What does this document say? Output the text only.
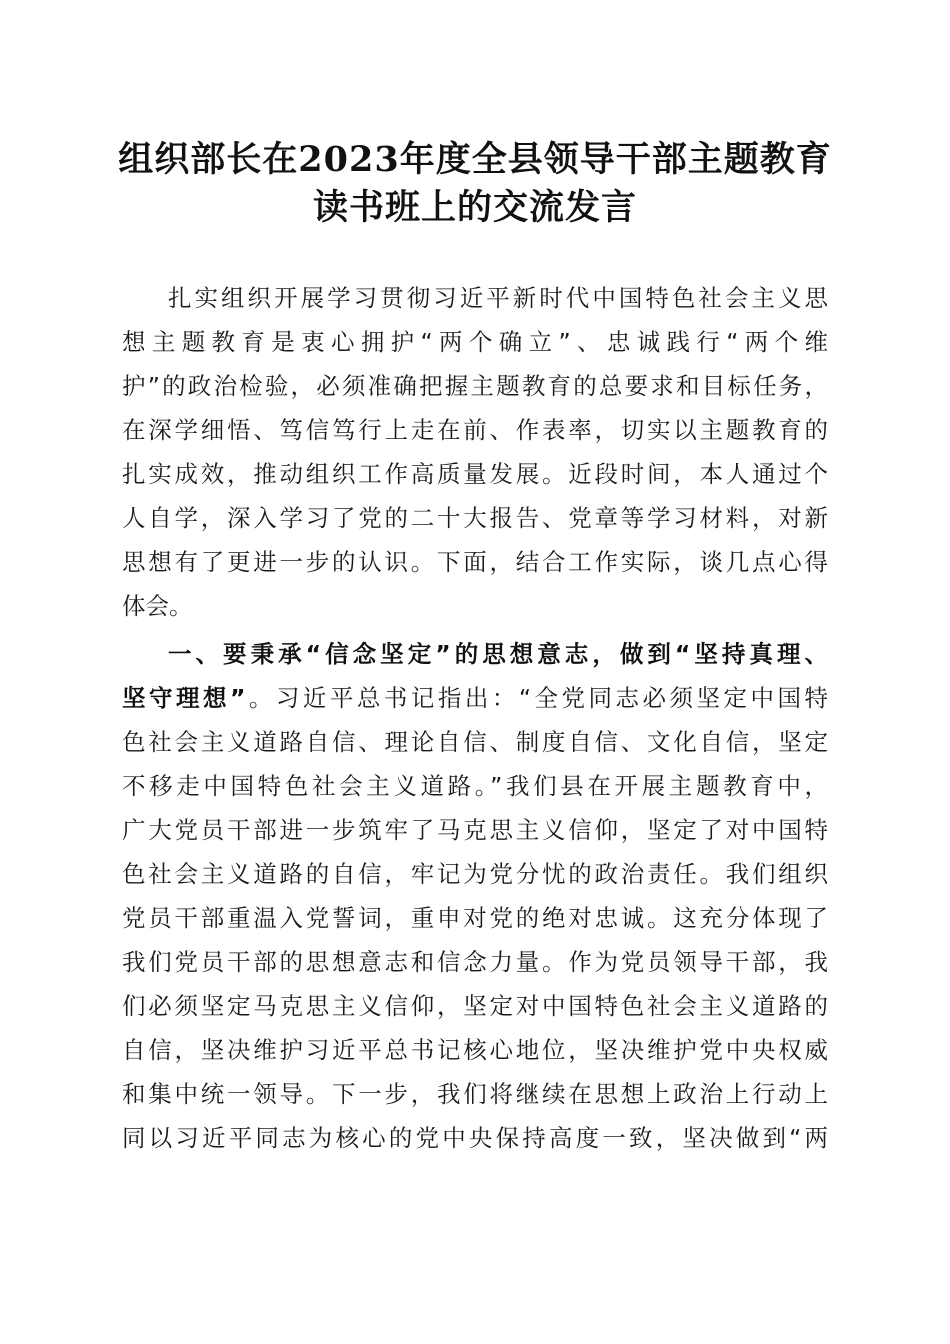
组织部长在2023年度全县领导干部主题教育
读书班上的交流发言
扎实组织开展学习贯彻习近平新时代中国特色社会主义思
想主题教育是衷心拥护“两个确立”、忠诚践行“两个维
护”的政治检验，必须准确把握主题教育的总要求和目标任务，
在深学细悟、笃信笃行上走在前、作表率，切实以主题教育的
扎实成效，推动组织工作高质量发展。近段时间，本人通过个
人自学，深入学习了党的二十大报告、党章等学习材料，对新
思想有了更进一步的认识。下面，结合工作实际，谈几点心得
体会。
一、要秉承“信念坚定”的思想意志，做到“坚持真理、
坚守理想”。习近平总书记指出：“全党同志必须坚定中国特
色社会主义道路自信、理论自信、制度自信、文化自信，坚定
不移走中国特色社会主义道路。”我们县在开展主题教育中，
广大党员干部进一步筑牢了马克思主义信仰，坚定了对中国特
色社会主义道路的自信，牢记为党分忧的政治责任。我们组织
党员干部重温入党誓词，重申对党的绝对忠诚。这充分体现了
我们党员干部的思想意志和信念力量。作为党员领导干部，我
们必须坚定马克思主义信仰，坚定对中国特色社会主义道路的
自信，坚决维护习近平总书记核心地位，坚决维护党中央权威
和集中统一领导。下一步，我们将继续在思想上政治上行动上
同以习近平同志为核心的党中央保持高度一致，坚决做到“两
